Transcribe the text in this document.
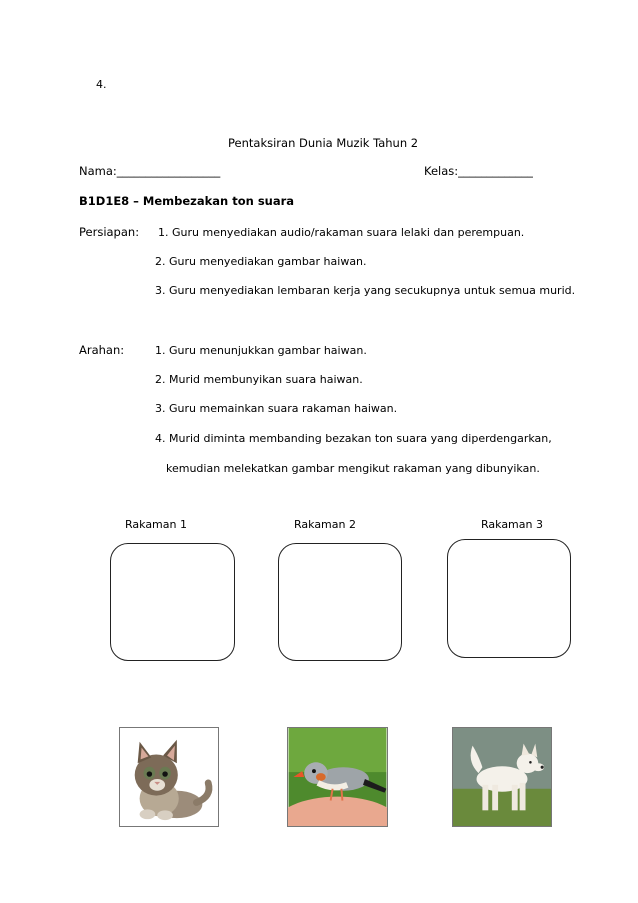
4.
Pentaksiran Dunia Muzik Tahun 2
Nama:__________________	Kelas:_____________
B1D1E8 – Membezakan ton suara
Persiapan: 1. Guru menyediakan audio/rakaman suara lelaki dan perempuan.
2. Guru menyediakan gambar haiwan.
3. Guru menyediakan lembaran kerja yang secukupnya untuk semua murid.
Arahan:	1. Guru menunjukkan gambar haiwan.
2. Murid membunyikan suara haiwan.
3. Guru memainkan suara rakaman haiwan.
4. Murid diminta membanding bezakan ton suara yang diperdengarkan,
kemudian melekatkan gambar mengikut rakaman yang dibunyikan.
Rakaman 1	Rakaman 2	Rakaman 3
